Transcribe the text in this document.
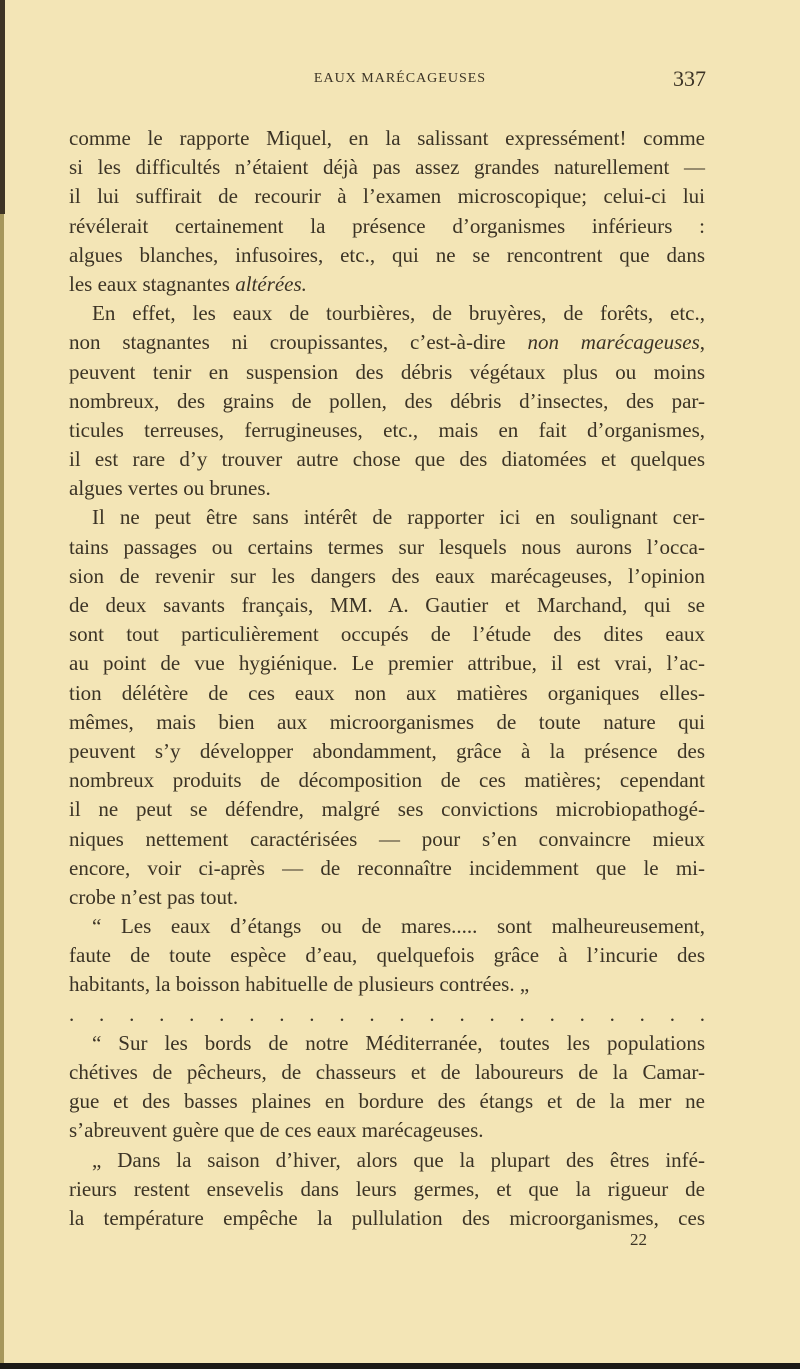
EAUX MARÉCAGEUSES	337
comme le rapporte Miquel, en la salissant expressément! comme
si les difficultés n’étaient déjà pas assez grandes naturellement —
il lui suffirait de recourir à l’examen microscopique; celui-ci lui
révélerait certainement la présence d’organismes inférieurs :
algues blanches, infusoires, etc., qui ne se rencontrent que dans
les eaux stagnantes altérées.
En effet, les eaux de tourbières, de bruyères, de forêts, etc.,
non stagnantes ni croupissantes, c’est-à-dire non marécageuses,
peuvent tenir en suspension des débris végétaux plus ou moins
nombreux, des grains de pollen, des débris d’insectes, des par-
ticules terreuses, ferrugineuses, etc., mais en fait d’organismes,
il est rare d’y trouver autre chose que des diatomées et quelques
algues vertes ou brunes.
Il ne peut être sans intérêt de rapporter ici en soulignant cer-
tains passages ou certains termes sur lesquels nous aurons l’occa-
sion de revenir sur les dangers des eaux marécageuses, l’opinion
de deux savants français, MM. A. Gautier et Marchand, qui se
sont tout particulièrement occupés de l’étude des dites eaux
au point de vue hygiénique. Le premier attribue, il est vrai, l’ac-
tion délétère de ces eaux non aux matières organiques elles-
mêmes, mais bien aux microorganismes de toute nature qui
peuvent s’y développer abondamment, grâce à la présence des
nombreux produits de décomposition de ces matières; cependant
il ne peut se défendre, malgré ses convictions microbiopathogé-
niques nettement caractérisées — pour s’en convaincre mieux
encore, voir ci-après — de reconnaître incidemment que le mi-
crobe n’est pas tout.
“ Les eaux d’étangs ou de mares..... sont malheureusement,
faute de toute espèce d’eau, quelquefois grâce à l’incurie des
habitants, la boisson habituelle de plusieurs contrées. „
. . . . . . . . . . . . . . . . . . . . . .
“ Sur les bords de notre Méditerranée, toutes les populations
chétives de pêcheurs, de chasseurs et de laboureurs de la Camar-
gue et des basses plaines en bordure des étangs et de la mer ne
s’abreuvent guère que de ces eaux marécageuses.
„ Dans la saison d’hiver, alors que la plupart des êtres infé-
rieurs restent ensevelis dans leurs germes, et que la rigueur de
la température empêche la pullulation des microorganismes, ces
22
